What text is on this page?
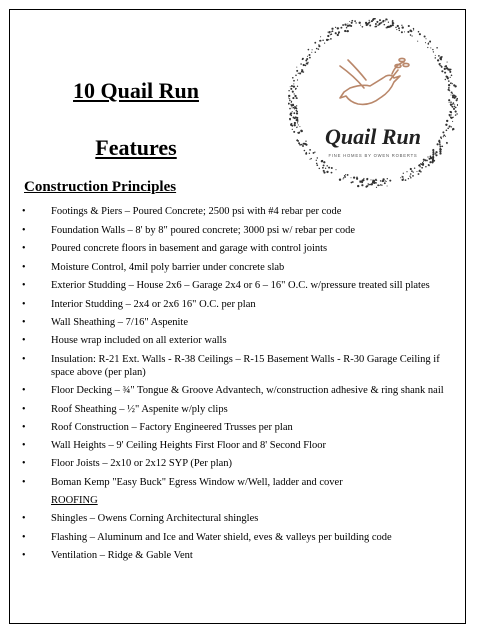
10 Quail Run
Features
Construction Principles
Quail Run
FINE HOMES BY OWEN ROBERTS
• Footings & Piers – Poured Concrete; 2500 psi with #4 rebar per code
• Foundation Walls – 8' by 8" poured concrete; 3000 psi w/ rebar per code
• Poured concrete floors in basement and garage with control joints
• Moisture Control, 4mil poly barrier under concrete slab
• Exterior Studding – House 2x6 – Garage 2x4 or 6 – 16" O.C. w/pressure treated sill plates
• Interior Studding – 2x4 or 2x6 16" O.C. per plan
• Wall Sheathing – 7/16" Aspenite
• House wrap included on all exterior walls
• Insulation: R-21 Ext. Walls - R-38 Ceilings – R-15 Basement Walls - R-30 Garage Ceiling if space above (per plan)
• Floor Decking – ¾" Tongue & Groove Advantech, w/construction adhesive & ring shank nail
• Roof Sheathing – ½" Aspenite w/ply clips
• Roof Construction – Factory Engineered Trusses per plan
• Wall Heights – 9' Ceiling Heights First Floor and 8' Second Floor
• Floor Joists – 2x10 or 2x12 SYP (Per plan)
• Boman Kemp "Easy Buck" Egress Window w/Well, ladder and cover
ROOFING
• Shingles – Owens Corning Architectural shingles
• Flashing – Aluminum and Ice and Water shield, eves & valleys per building code
• Ventilation – Ridge & Gable Vent
